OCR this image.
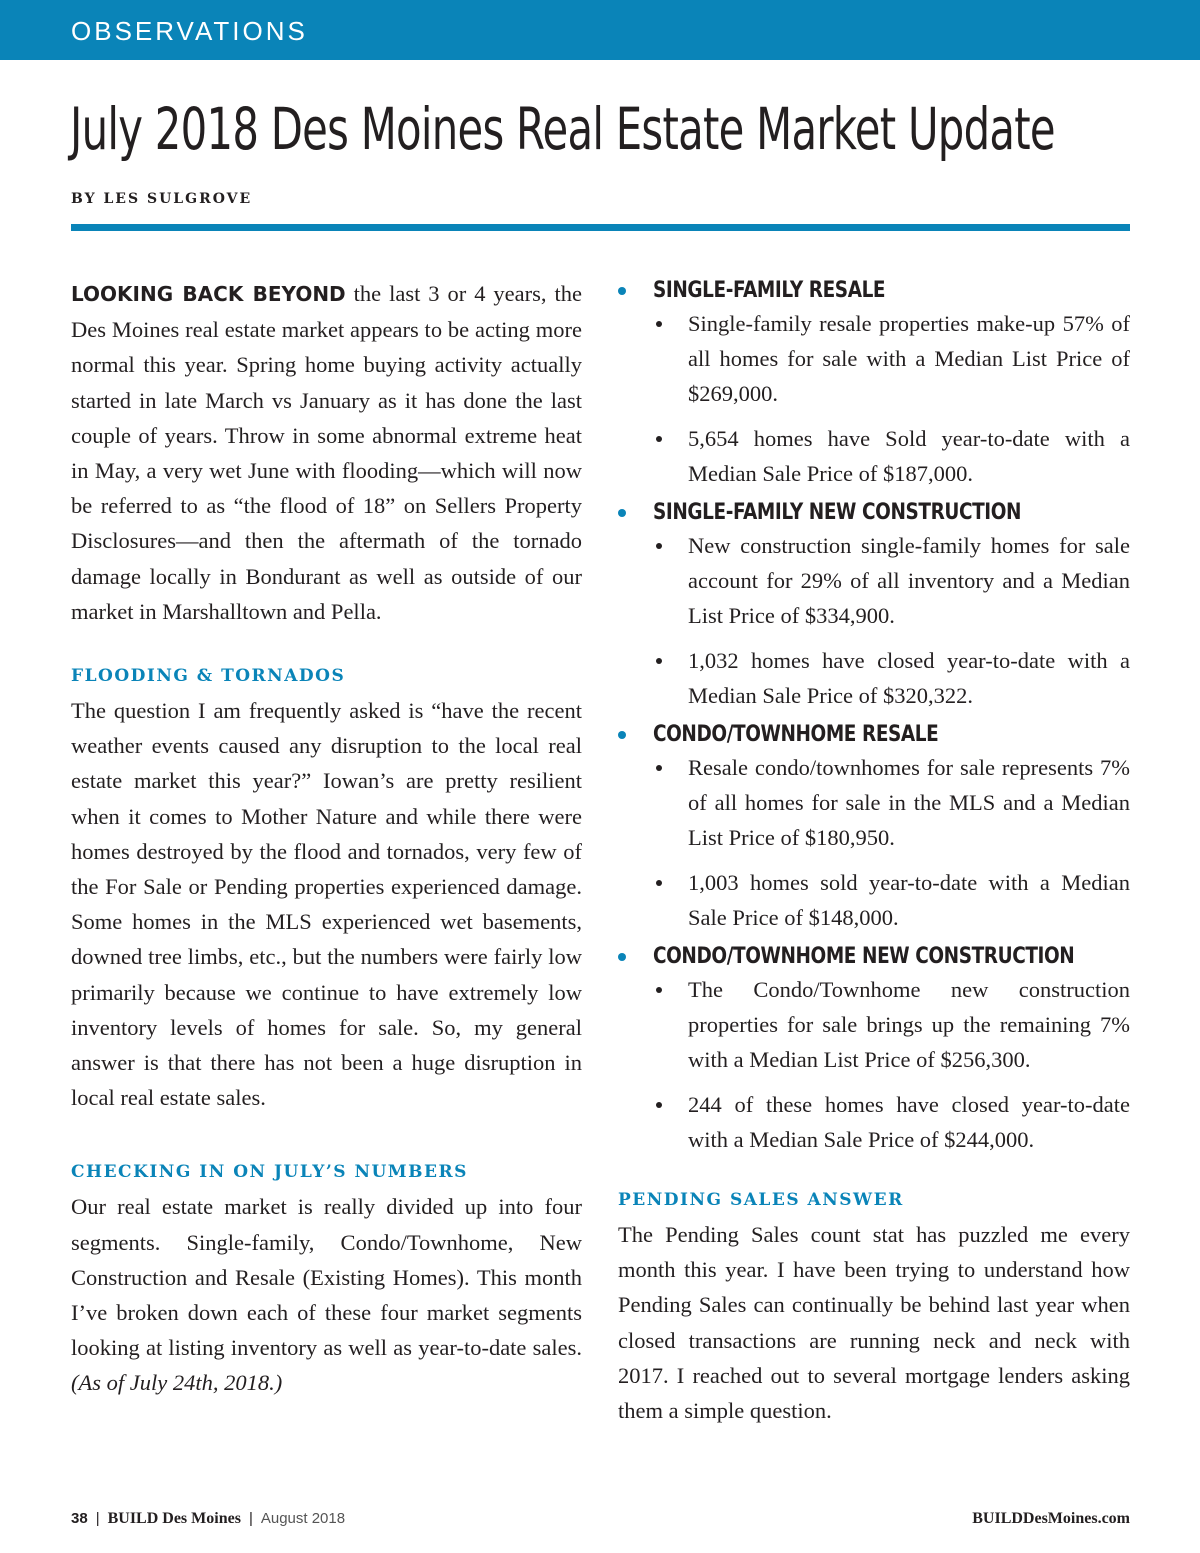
OBSERVATIONS
July 2018 Des Moines Real Estate Market Update
BY LES SULGROVE

LOOKING BACK BEYOND the last 3 or 4 years, the Des Moines real estate market appears to be acting more normal this year. Spring home buying activity actually started in late March vs January as it has done the last couple of years. Throw in some abnormal extreme heat in May, a very wet June with flooding—which will now be referred to as “the flood of 18” on Sellers Property Disclosures—and then the aftermath of the tornado damage locally in Bondurant as well as outside of our market in Marshalltown and Pella.

FLOODING & TORNADOS

The question I am frequently asked is “have the recent weather events caused any disruption to the local real estate market this year?” Iowan’s are pretty resilient when it comes to Mother Nature and while there were homes destroyed by the flood and tornados, very few of the For Sale or Pending properties experienced damage. Some homes in the MLS experienced wet basements, downed tree limbs, etc., but the numbers were fairly low primarily because we continue to have extremely low inventory levels of homes for sale. So, my general answer is that there has not been a huge disruption in local real estate sales.

CHECKING IN ON JULY’S NUMBERS

Our real estate market is really divided up into four segments. Single-family, Condo/Townhome, New Construction and Resale (Existing Homes). This month I’ve broken down each of these four market segments looking at listing inventory as well as year-to-date sales. (As of July 24th, 2018.)

SINGLE-FAMILY RESALE

Single-family resale properties make-up 57% of all homes for sale with a Median List Price of $269,000.

5,654 homes have Sold year-to-date with a Median Sale Price of $187,000.

SINGLE-FAMILY NEW CONSTRUCTION

New construction single-family homes for sale account for 29% of all inventory and a Median List Price of $334,900.

1,032 homes have closed year-to-date with a Median Sale Price of $320,322.

CONDO/TOWNHOME RESALE

Resale condo/townhomes for sale represents 7% of all homes for sale in the MLS and a Median List Price of $180,950.

1,003 homes sold year-to-date with a Median Sale Price of $148,000.

CONDO/TOWNHOME NEW CONSTRUCTION

The Condo/Townhome new construction properties for sale brings up the remaining 7% with a Median List Price of $256,300.

244 of these homes have closed year-to-date with a Median Sale Price of $244,000.

PENDING SALES ANSWER

The Pending Sales count stat has puzzled me every month this year. I have been trying to understand how Pending Sales can continually be behind last year when closed transactions are running neck and neck with 2017. I reached out to several mortgage lenders asking them a simple question.

38 | BUILD Des Moines | August 2018	BUILDDesMoines.com
